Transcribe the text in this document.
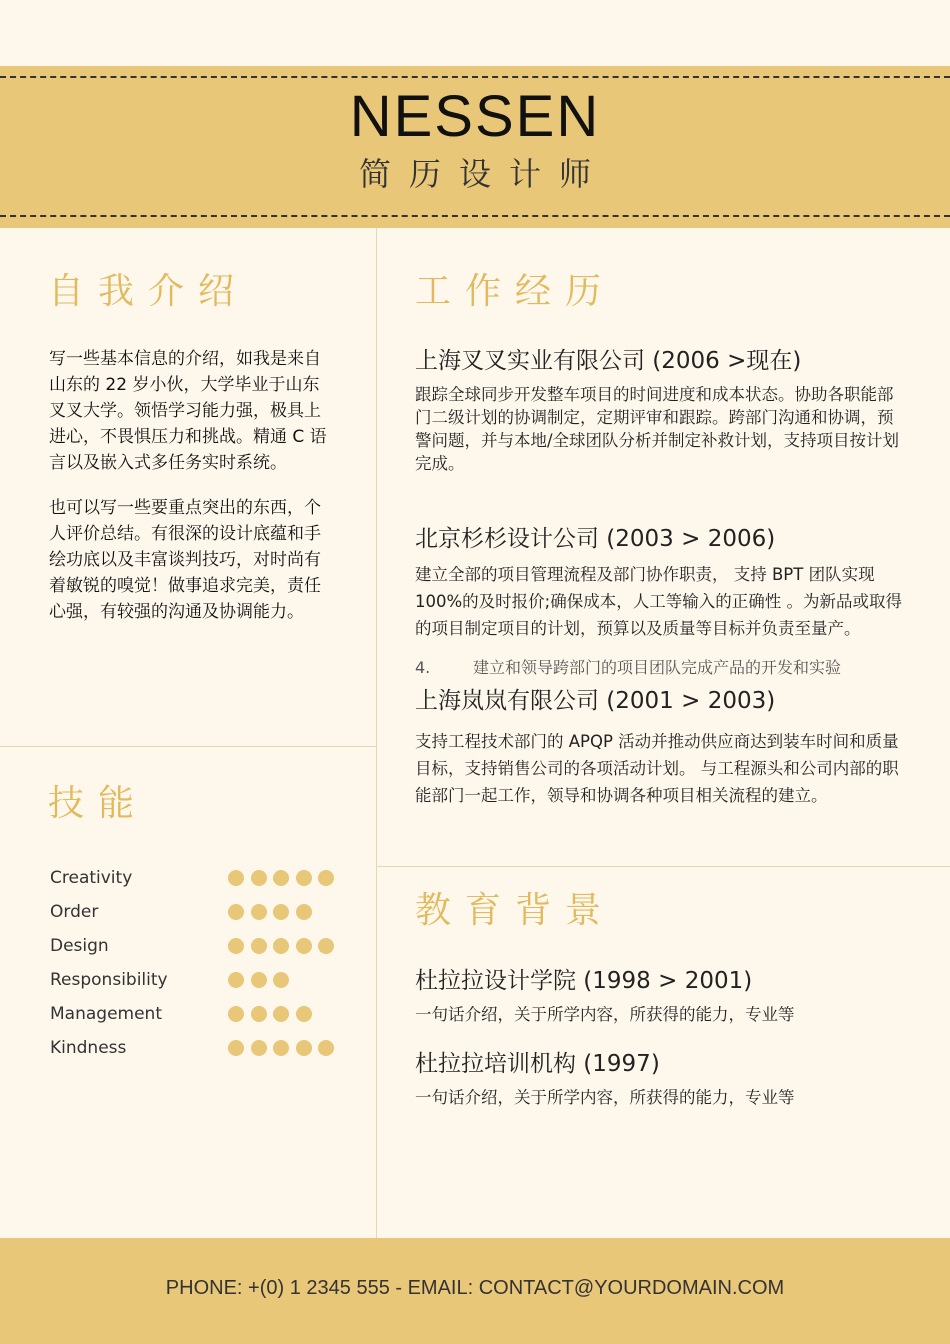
NESSEN
简历设计师
自我介绍
写一些基本信息的介绍，如我是来自
山东的 22 岁小伙，大学毕业于山东
叉叉大学。领悟学习能力强，极具上
进心，不畏惧压力和挑战。精通 C 语
言以及嵌入式多任务实时系统。
也可以写一些要重点突出的东西，个
人评价总结。有很深的设计底蕴和手
绘功底以及丰富谈判技巧，对时尚有
着敏锐的嗅觉！做事追求完美，责任
心强，有较强的沟通及协调能力。
技能
Creativity
Order
Design
Responsibility
Management
Kindness
工作经历
上海叉叉实业有限公司 (2006 >现在)
跟踪全球同步开发整车项目的时间进度和成本状态。协助各职能部
门二级计划的协调制定，定期评审和跟踪。跨部门沟通和协调，预
警问题，并与本地/全球团队分析并制定补救计划，支持项目按计划
完成。
北京杉杉设计公司 (2003 > 2006)
建立全部的项目管理流程及部门协作职责， 支持 BPT 团队实现
100%的及时报价;确保成本，人工等输入的正确性 。为新品或取得
的项目制定项目的计划，预算以及质量等目标并负责至量产。
4.	建立和领导跨部门的项目团队完成产品的开发和实验
上海岚岚有限公司 (2001 > 2003)
支持工程技术部门的 APQP 活动并推动供应商达到装车时间和质量
目标，支持销售公司的各项活动计划。 与工程源头和公司内部的职
能部门一起工作，领导和协调各种项目相关流程的建立。
教育背景
杜拉拉设计学院 (1998 > 2001)
一句话介绍，关于所学内容，所获得的能力，专业等
杜拉拉培训机构 (1997)
一句话介绍，关于所学内容，所获得的能力，专业等
PHONE: +(0) 1 2345 555 - EMAIL: CONTACT@YOURDOMAIN.COM
